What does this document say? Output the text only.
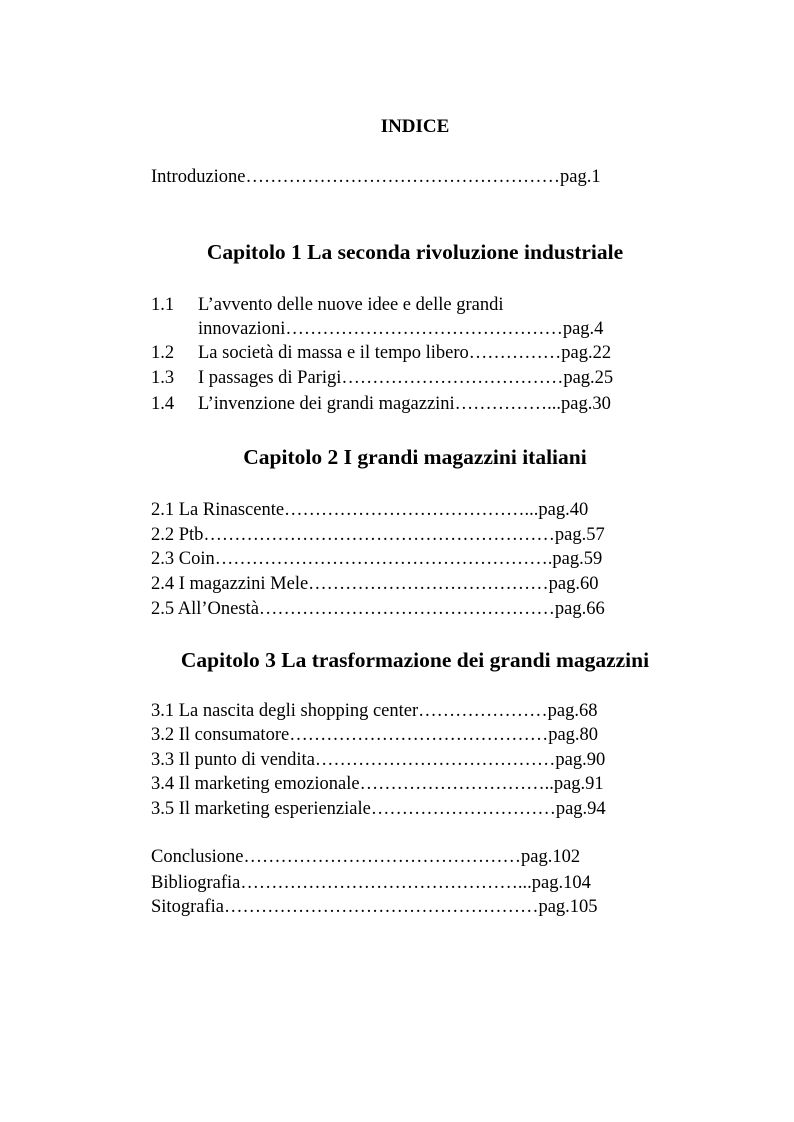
INDICE
Introduzione……………………………………………pag.1
Capitolo 1 La seconda rivoluzione industriale
1.1 L’avvento delle nuove idee e delle grandi
innovazioni………………………………………pag.4
1.2 La società di massa e il tempo libero……………pag.22
1.3 I passages di Parigi………………………………pag.25
1.4 L’invenzione dei grandi magazzini……………...pag.30
Capitolo 2 I grandi magazzini italiani
2.1 La Rinascente…………………………………...pag.40
2.2 Ptb…………………………………………………pag.57
2.3 Coin……………………………………………….pag.59
2.4 I magazzini Mele…………………………………pag.60
2.5 All’Onestà…………………………………………pag.66
Capitolo 3 La trasformazione dei grandi magazzini
3.1 La nascita degli shopping center…………………pag.68
3.2 Il consumatore……………………………………pag.80
3.3 Il punto di vendita…………………………………pag.90
3.4 Il marketing emozionale…………………………..pag.91
3.5 Il marketing esperienziale…………………………pag.94
Conclusione………………………………………pag.102
Bibliografia………………………………………...pag.104
Sitografia……………………………………………pag.105
